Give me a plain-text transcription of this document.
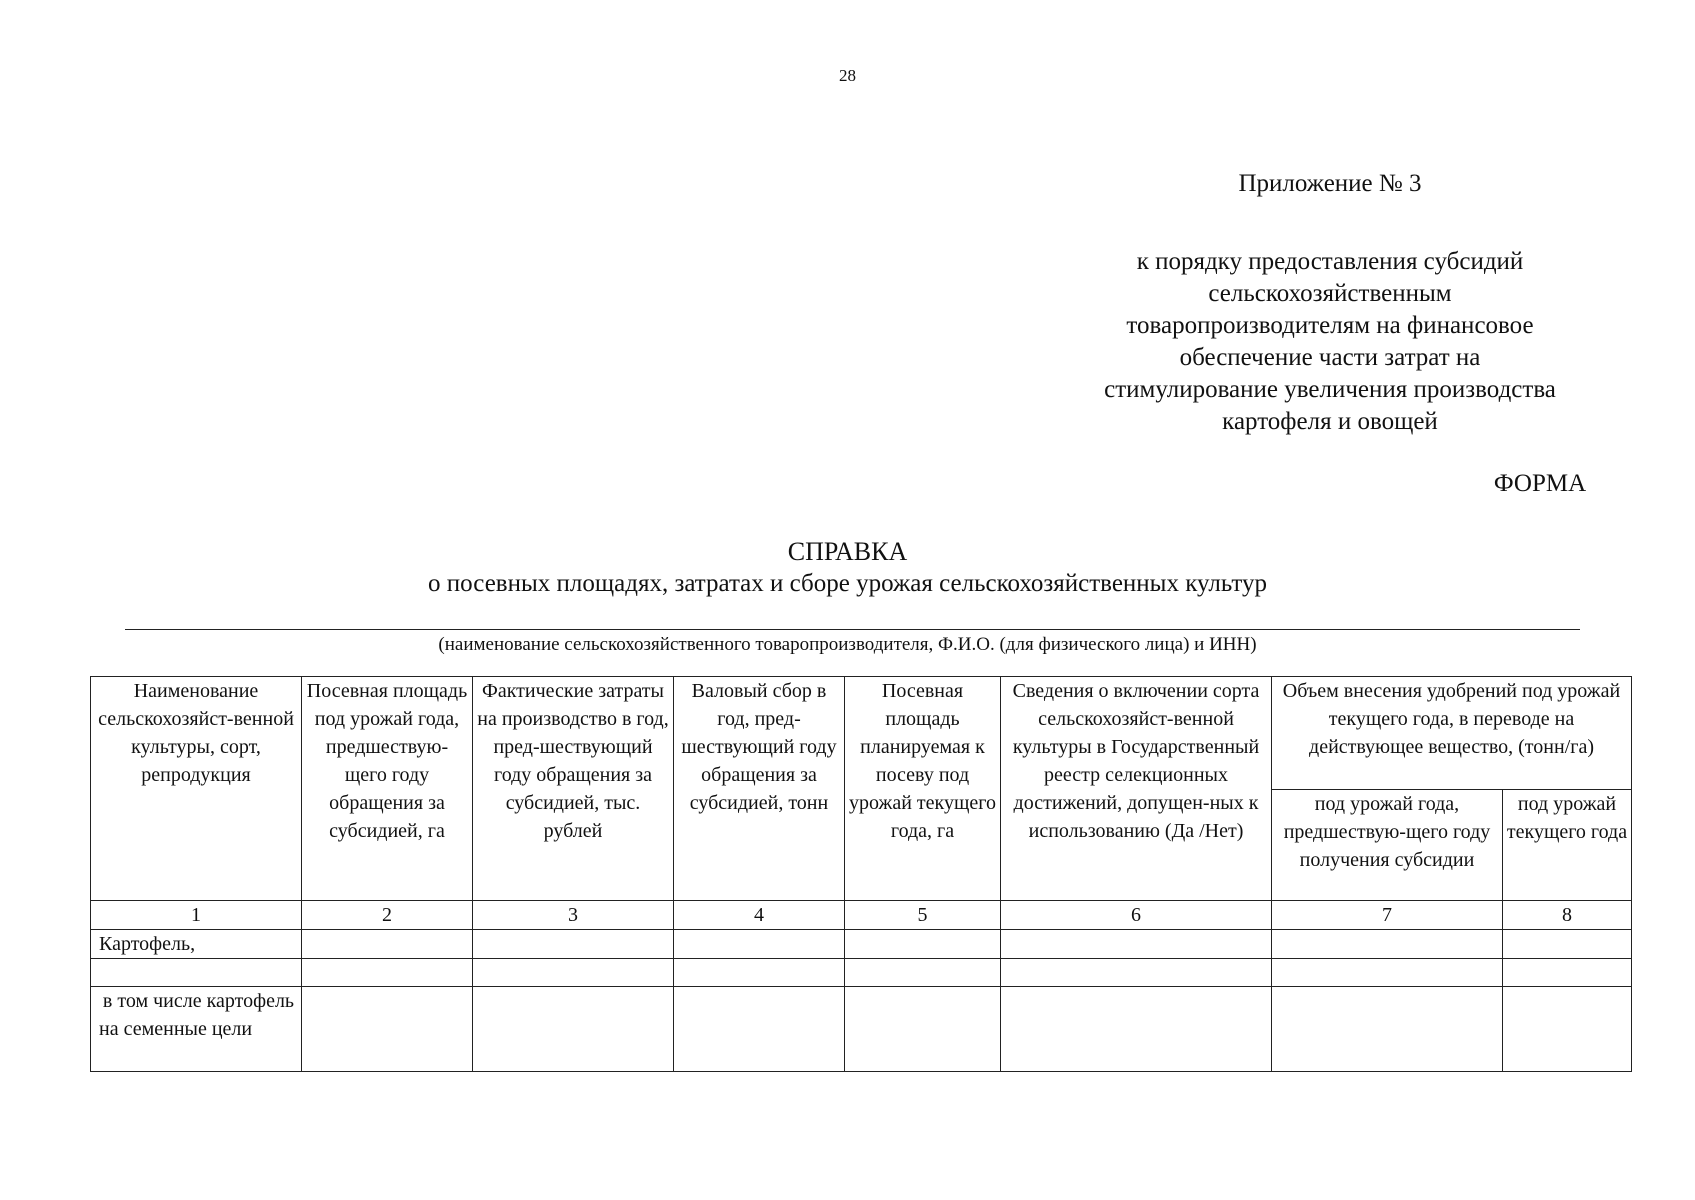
28
Приложение № 3
к порядку предоставления субсидий
сельскохозяйственным
товаропроизводителям на финансовое
обеспечение части затрат на
стимулирование увеличения производства
картофеля и овощей
ФОРМА
СПРАВКА
о посевных площадях, затратах и сборе урожая сельскохозяйственных культур
(наименование сельскохозяйственного товаропроизводителя, Ф.И.О. (для физического лица) и ИНН)
Наименование сельскохозяйст-венной культуры, сорт, репродукция	Посевная площадь под урожай года, предшествую-щего году обращения за субсидией, га	Фактические затраты на производство в год, пред-шествующий году обращения за субсидией, тыс. рублей	Валовый сбор в год, пред-шествующий году обращения за субсидией, тонн	Посевная площадь планируемая к посеву под урожай текущего года, га	Сведения о включении сорта сельскохозяйст-венной культуры в Государственный реестр селекционных достижений, допущен-ных к использованию (Да /Нет)	Объем внесения удобрений под урожай текущего года, в переводе на действующее вещество, (тонн/га)	
						под урожай года, предшествую-щего году получения субсидии	под урожай текущего года
1	2	3	4	5	6	7	8
Картофель,							

в том числе картофель на семенные цели							
